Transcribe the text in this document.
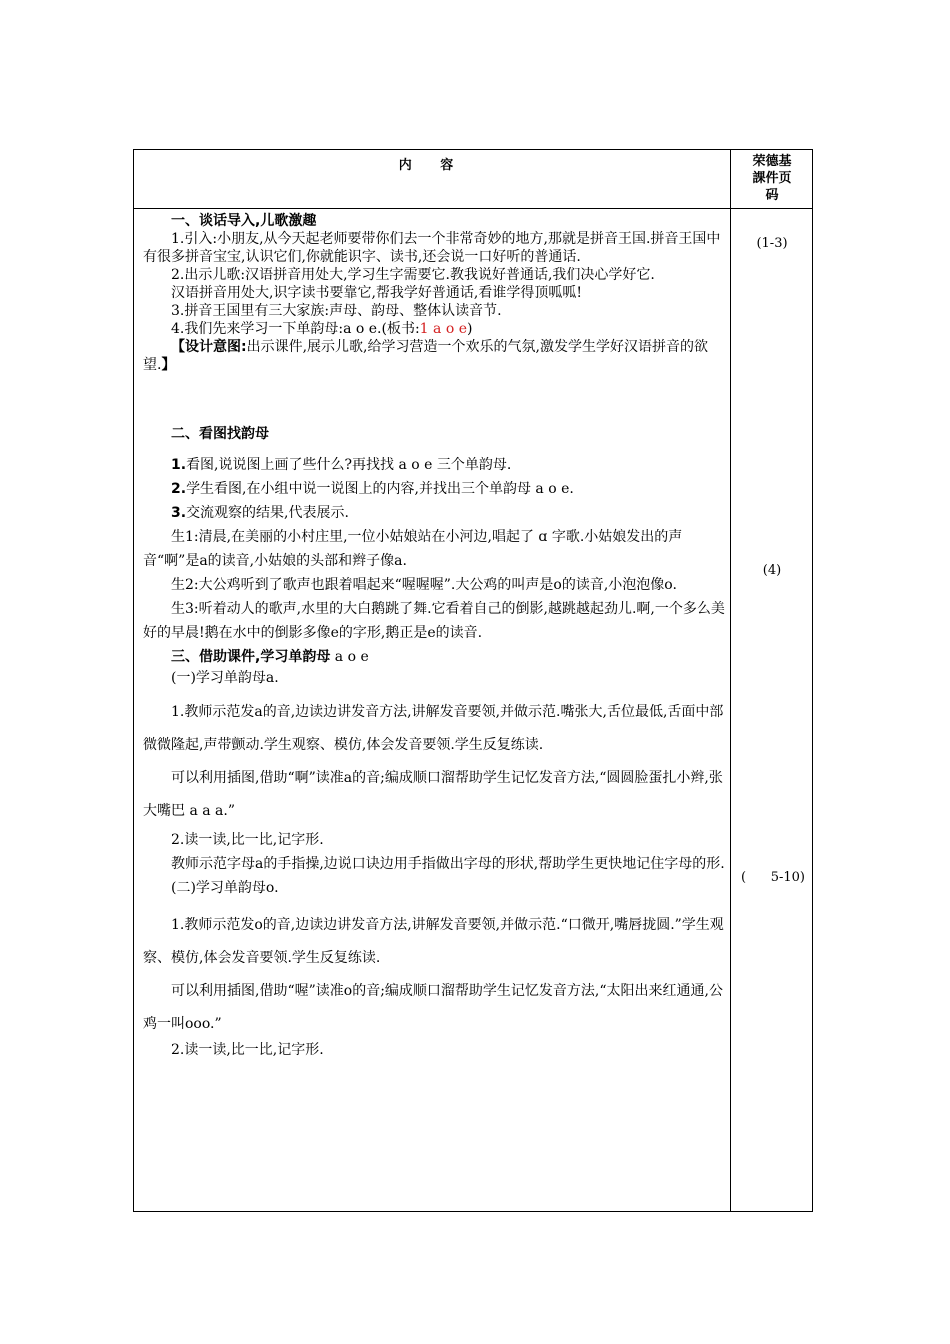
内 容	荣德基
課件页
码

一、谈话导入,儿歌激趣

1.引入:小朋友,从今天起老师要带你们去一个非常奇妙的地方,那就是拼音王国.拼音王国中有很多拼音宝宝,认识它们,你就能识字、读书,还会说一口好听的普通话.

2.出示儿歌:汉语拼音用处大,学习生字需要它.教我说好普通话,我们决心学好它.

汉语拼音用处大,识字读书要靠它,帮我学好普通话,看谁学得顶呱呱!

3.拼音王国里有三大家族:声母、韵母、整体认读音节.

4.我们先来学习一下单韵母:a o e.(板书:1 a o e)

【设计意图:出示课件,展示儿歌,给学习营造一个欢乐的气氛,激发学生学好汉语拼音的欲望.】

二、看图找韵母

1.看图,说说图上画了些什么?再找找 a o e 三个单韵母.

2.学生看图,在小组中说一说图上的内容,并找出三个单韵母 a o e.

3.交流观察的结果,代表展示.

生1:清晨,在美丽的小村庄里,一位小姑娘站在小河边,唱起了 ɑ 字歌.小姑娘发出的声音“啊”是a的读音,小姑娘的头部和辫子像a.

生2:大公鸡听到了歌声也跟着唱起来“喔喔喔”.大公鸡的叫声是o的读音,小泡泡像o.

生3:听着动人的歌声,水里的大白鹅跳了舞.它看着自己的倒影,越跳越起劲儿.啊,一个多么美好的早晨!鹅在水中的倒影多像e的字形,鹅正是e的读音.

三、借助课件,学习单韵母 a o e

(一)学习单韵母a.

1.教师示范发a的音,边读边讲发音方法,讲解发音要领,并做示范.嘴张大,舌位最低,舌面中部微微隆起,声带颤动.学生观察、模仿,体会发音要领.学生反复练读.

可以利用插图,借助“啊”读准a的音;编成顺口溜帮助学生记忆发音方法,“圆圆脸蛋扎小辫,张大嘴巴 a a a.”

2.读一读,比一比,记字形.

教师示范字母a的手指操,边说口诀边用手指做出字母的形状,帮助学生更快地记住字母的形.

(二)学习单韵母o.

1.教师示范发o的音,边读边讲发音方法,讲解发音要领,并做示范.“口微开,嘴唇拢圆.”学生观察、模仿,体会发音要领.学生反复练读.

可以利用插图,借助“喔”读准o的音;编成顺口溜帮助学生记忆发音方法,“太阳出来红通通,公鸡一叫ooo.”

2.读一读,比一比,记字形.

(1-3)
(4)
( 5-10)
